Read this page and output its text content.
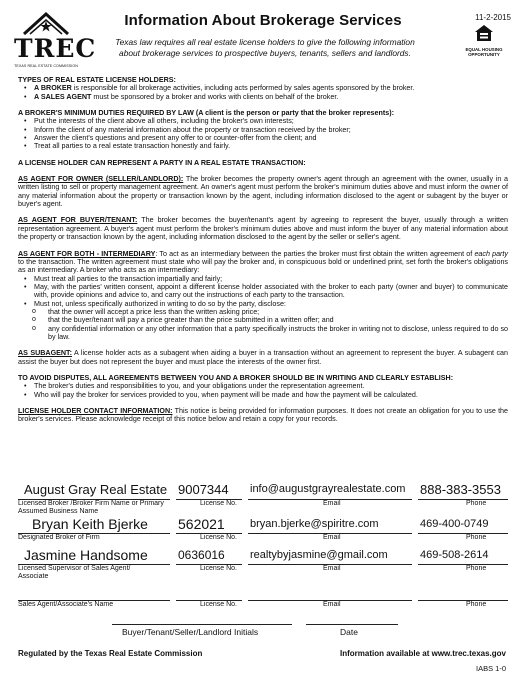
TREC
TEXAS REAL ESTATE COMMISSION
Information About Brokerage Services	11-2-2015
Texas law requires all real estate license holders to give the following information about brokerage services to prospective buyers, tenants, sellers and landlords.	EQUAL HOUSING OPPORTUNITY

TYPES OF REAL ESTATE LICENSE HOLDERS:

• A BROKER is responsible for all brokerage activities, including acts performed by sales agents sponsored by the broker.
• A SALES AGENT must be sponsored by a broker and works with clients on behalf of the broker.

A BROKER'S MINIMUM DUTIES REQUIRED BY LAW (A client is the person or party that the broker represents):

• Put the interests of the client above all others, including the broker's own interests;
• Inform the client of any material information about the property or transaction received by the broker;
• Answer the client's questions and present any offer to or counter-offer from the client; and
• Treat all parties to a real estate transaction honestly and fairly.

A LICENSE HOLDER CAN REPRESENT A PARTY IN A REAL ESTATE TRANSACTION:

AS AGENT FOR OWNER (SELLER/LANDLORD): The broker becomes the property owner's agent through an agreement with the owner, usually in a written listing to sell or property management agreement. An owner's agent must perform the broker's minimum duties above and must inform the owner of any material information about the property or transaction known by the agent, including information disclosed to the agent or subagent by the buyer or buyer's agent.

AS AGENT FOR BUYER/TENANT: The broker becomes the buyer/tenant's agent by agreeing to represent the buyer, usually through a written representation agreement. A buyer's agent must perform the broker's minimum duties above and must inform the buyer of any material information about the property or transaction known by the agent, including information disclosed to the agent by the seller or seller's agent.

AS AGENT FOR BOTH - INTERMEDIARY: To act as an intermediary between the parties the broker must first obtain the written agreement of each party to the transaction. The written agreement must state who will pay the broker and, in conspicuous bold or underlined print, set forth the broker's obligations as an intermediary. A broker who acts as an intermediary:

• Must treat all parties to the transaction impartially and fairly;
• May, with the parties' written consent, appoint a different license holder associated with the broker to each party (owner and buyer) to communicate with, provide opinions and advice to, and carry out the instructions of each party to the transaction.
• Must not, unless specifically authorized in writing to do so by the party, disclose:
o that the owner will accept a price less than the written asking price;
o that the buyer/tenant will pay a price greater than the price submitted in a written offer; and
o any confidential information or any other information that a party specifically instructs the broker in writing not to disclose, unless required to do so by law.

AS SUBAGENT: A license holder acts as a subagent when aiding a buyer in a transaction without an agreement to represent the buyer. A subagent can assist the buyer but does not represent the buyer and must place the interests of the owner first.

TO AVOID DISPUTES, ALL AGREEMENTS BETWEEN YOU AND A BROKER SHOULD BE IN WRITING AND CLEARLY ESTABLISH:

• The broker's duties and responsibilities to you, and your obligations under the representation agreement.
• Who will pay the broker for services provided to you, when payment will be made and how the payment will be calculated.

LICENSE HOLDER CONTACT INFORMATION: This notice is being provided for information purposes. It does not create an obligation for you to use the broker's services. Please acknowledge receipt of this notice below and retain a copy for your records.

August Gray Real Estate 9007344 info@augustgrayrealestate.com 888-383-3553
Licensed Broker /Broker Firm Name or Primary Assumed Business Name
License No.	Email	Phone
Bryan Keith Bjerke 562021 bryan.bjerke@spiritre.com	469-400-0749
Designated Broker of Firm	License No.	Email	Phone
Jasmine Handsome	0636016 realtybyjasmine@gmail.com	469-508-2614
Licensed Supervisor of Sales Agent/ Associate
License No.	Email	Phone
Sales Agent/Associate's Name	License No.	Email	Phone
Buyer/Tenant/Seller/Landlord Initials	Date
Regulated by the Texas Real Estate Commission	Information available at www.trec.texas.gov
IABS 1-0
